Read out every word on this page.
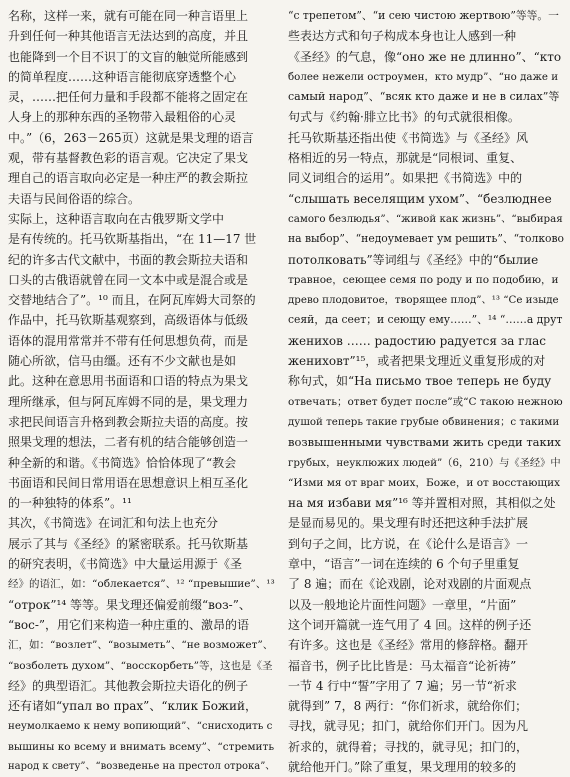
名称，这样一来，就有可能在同一种言语里上
升到任何一种其他语言无法达到的高度，并且
也能降到一个目不识丁的文盲的触觉所能感到
的简单程度……这种语言能彻底穿透整个心
灵，……把任何力量和手段都不能将之固定在
人身上的那种东西的圣物带入最粗俗的心灵
中。”（6，263－265页）这就是果戈理的语言
观，带有基督教色彩的语言观。它决定了果戈
理自己的语言取向必定是一种庄严的教会斯拉
夫语与民间俗语的综合。
实际上，这种语言取向在古俄罗斯文学中
是有传统的。托马钦斯基指出，“在 11—17 世
纪的许多古代文献中，书面的教会斯拉夫语和
口头的古俄语就曾在同一文本中或是混合或是
交替地结合了”。¹⁰ 而且，在阿瓦库姆大司祭的
作品中，托马钦斯基观察到，高级语体与低级
语体的混用常常并不带有任何思想负荷，而是
随心所欲，信马由缰。还有不少文献也是如
此。这种在意思用书面语和口语的特点为果戈
理所继承，但与阿瓦库姆不同的是，果戈理力
求把民间语言升格到教会斯拉夫语的高度。按
照果戈理的想法，二者有机的结合能够创造一
种全新的和谐。《书简选》恰恰体现了“教会
书面语和民间日常用语在思想意识上相互圣化
的一种独特的体系”。¹¹
其次，《书简选》在词汇和句法上也充分
展示了其与《圣经》的紧密联系。托马钦斯基
的研究表明，《书简选》中大量运用源于《圣
经》的语汇，如：“облекается”、¹² “превышие”、¹³
“отрок”¹⁴ 等等。果戈理还偏爱前缀“воз-”、
“вос-”，用它们来构造一种庄重的、激昂的语
汇，如：“возлет”、“возыметь”、“не возможет”、
“возболеть духом”、“восскорбеть”等，这也是《圣
经》的典型语汇。其他教会斯拉夫语化的例子
还有诸如“упал во прах”、“клик Божий，
неумолкаемо к нему вопиющий”、“снисходить с
вышины ко всему и внимать всему”、“стремить
народ к свету”、“возведенье на престол отрока”、
“с трепетом”、“и сею чистою жертвою”等等。一
些表达方式和句子构成本身也让人感到一种
《圣经》的气息，像“оно же не длинно”、“кто
более нежели остроумен，кто мудр”、“но даже и
самый народ”、“всяк кто даже и не в силах”等
句式与《约翰·腓立比书》的句式就很相像。
托马钦斯基还指出使《书简选》与《圣经》风
格相近的另一特点，那就是“同根词、重复、
同义词组合的运用”。如果把《书简选》中的
“слышать веселящим ухом”、“безлюднее
самого безлюдья”、“живой как жизнь”、“выбирая
на выбор”、“недоумевает ум решить”、“толково
потолковать”等词组与《圣经》中的“былие
травное，сеющее семя по роду и по подобию，и
древо плодовитое，творящее плод”、¹³ “Се изыде
сеяй，да сеет；и сеющу ему……”、¹⁴ “……а друт
женихов …… радостию радуется за глас
жениховт”¹⁵，或者把果戈理近义重复形成的对
称句式，如“На письмо твое теперь не буду
отвечать；ответ будет после”或“С такою нежною
душой теперь такие грубые обвинения；с такими
возвышенными чувствами жить среди таких
грубых，неуклюжих людей”（6，210）与《圣经》中
“Изми мя от враг моих，Боже，и от восстающих
на мя избави мя”¹⁶ 等并置相对照，其相似之处
是显而易见的。果戈理有时还把这种手法扩展
到句子之间，比方说，在《论什么是语言》一
章中，“语言”一词在连续的 6 个句子里重复
了 8 遍；而在《论戏剧，论对戏剧的片面观点
以及一般地论片面性问题》一章里，“片面”
这个词开篇就一连气用了 4 回。这样的例子还
有许多。这也是《圣经》常用的修辞格。翻开
福音书，例子比比皆是：马太福音“论祈祷”
一节 4 行中“誓”字用了 7 遍；另一节“祈求
就得到” 7，8 两行：“你们祈求，就给你们；
寻找，就寻见；扣门，就给你们开门。因为凡
祈求的，就得着；寻找的，就寻见；扣门的，
就给他开门。”除了重复，果戈理用的较多的
